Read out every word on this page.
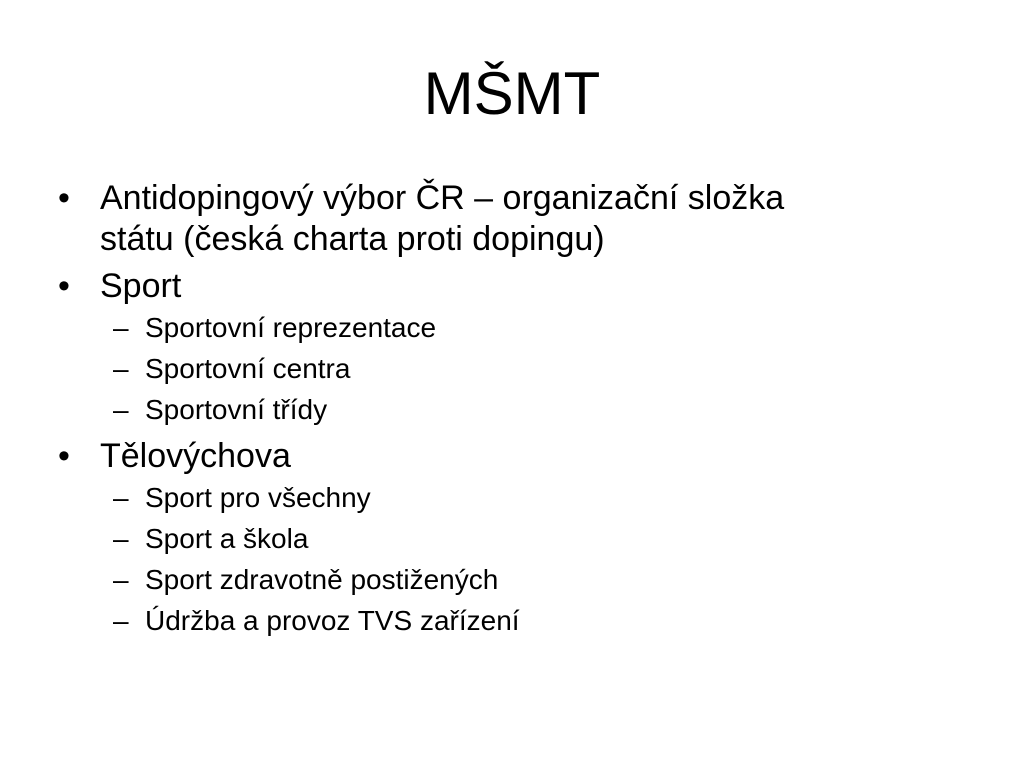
MŠMT
• Antidopingový výbor ČR – organizační složka
státu (česká charta proti dopingu)
• Sport
– Sportovní reprezentace
– Sportovní centra
– Sportovní třídy
• Tělovýchova
– Sport pro všechny
– Sport a škola
– Sport zdravotně postižených
– Údržba a provoz TVS zařízení
